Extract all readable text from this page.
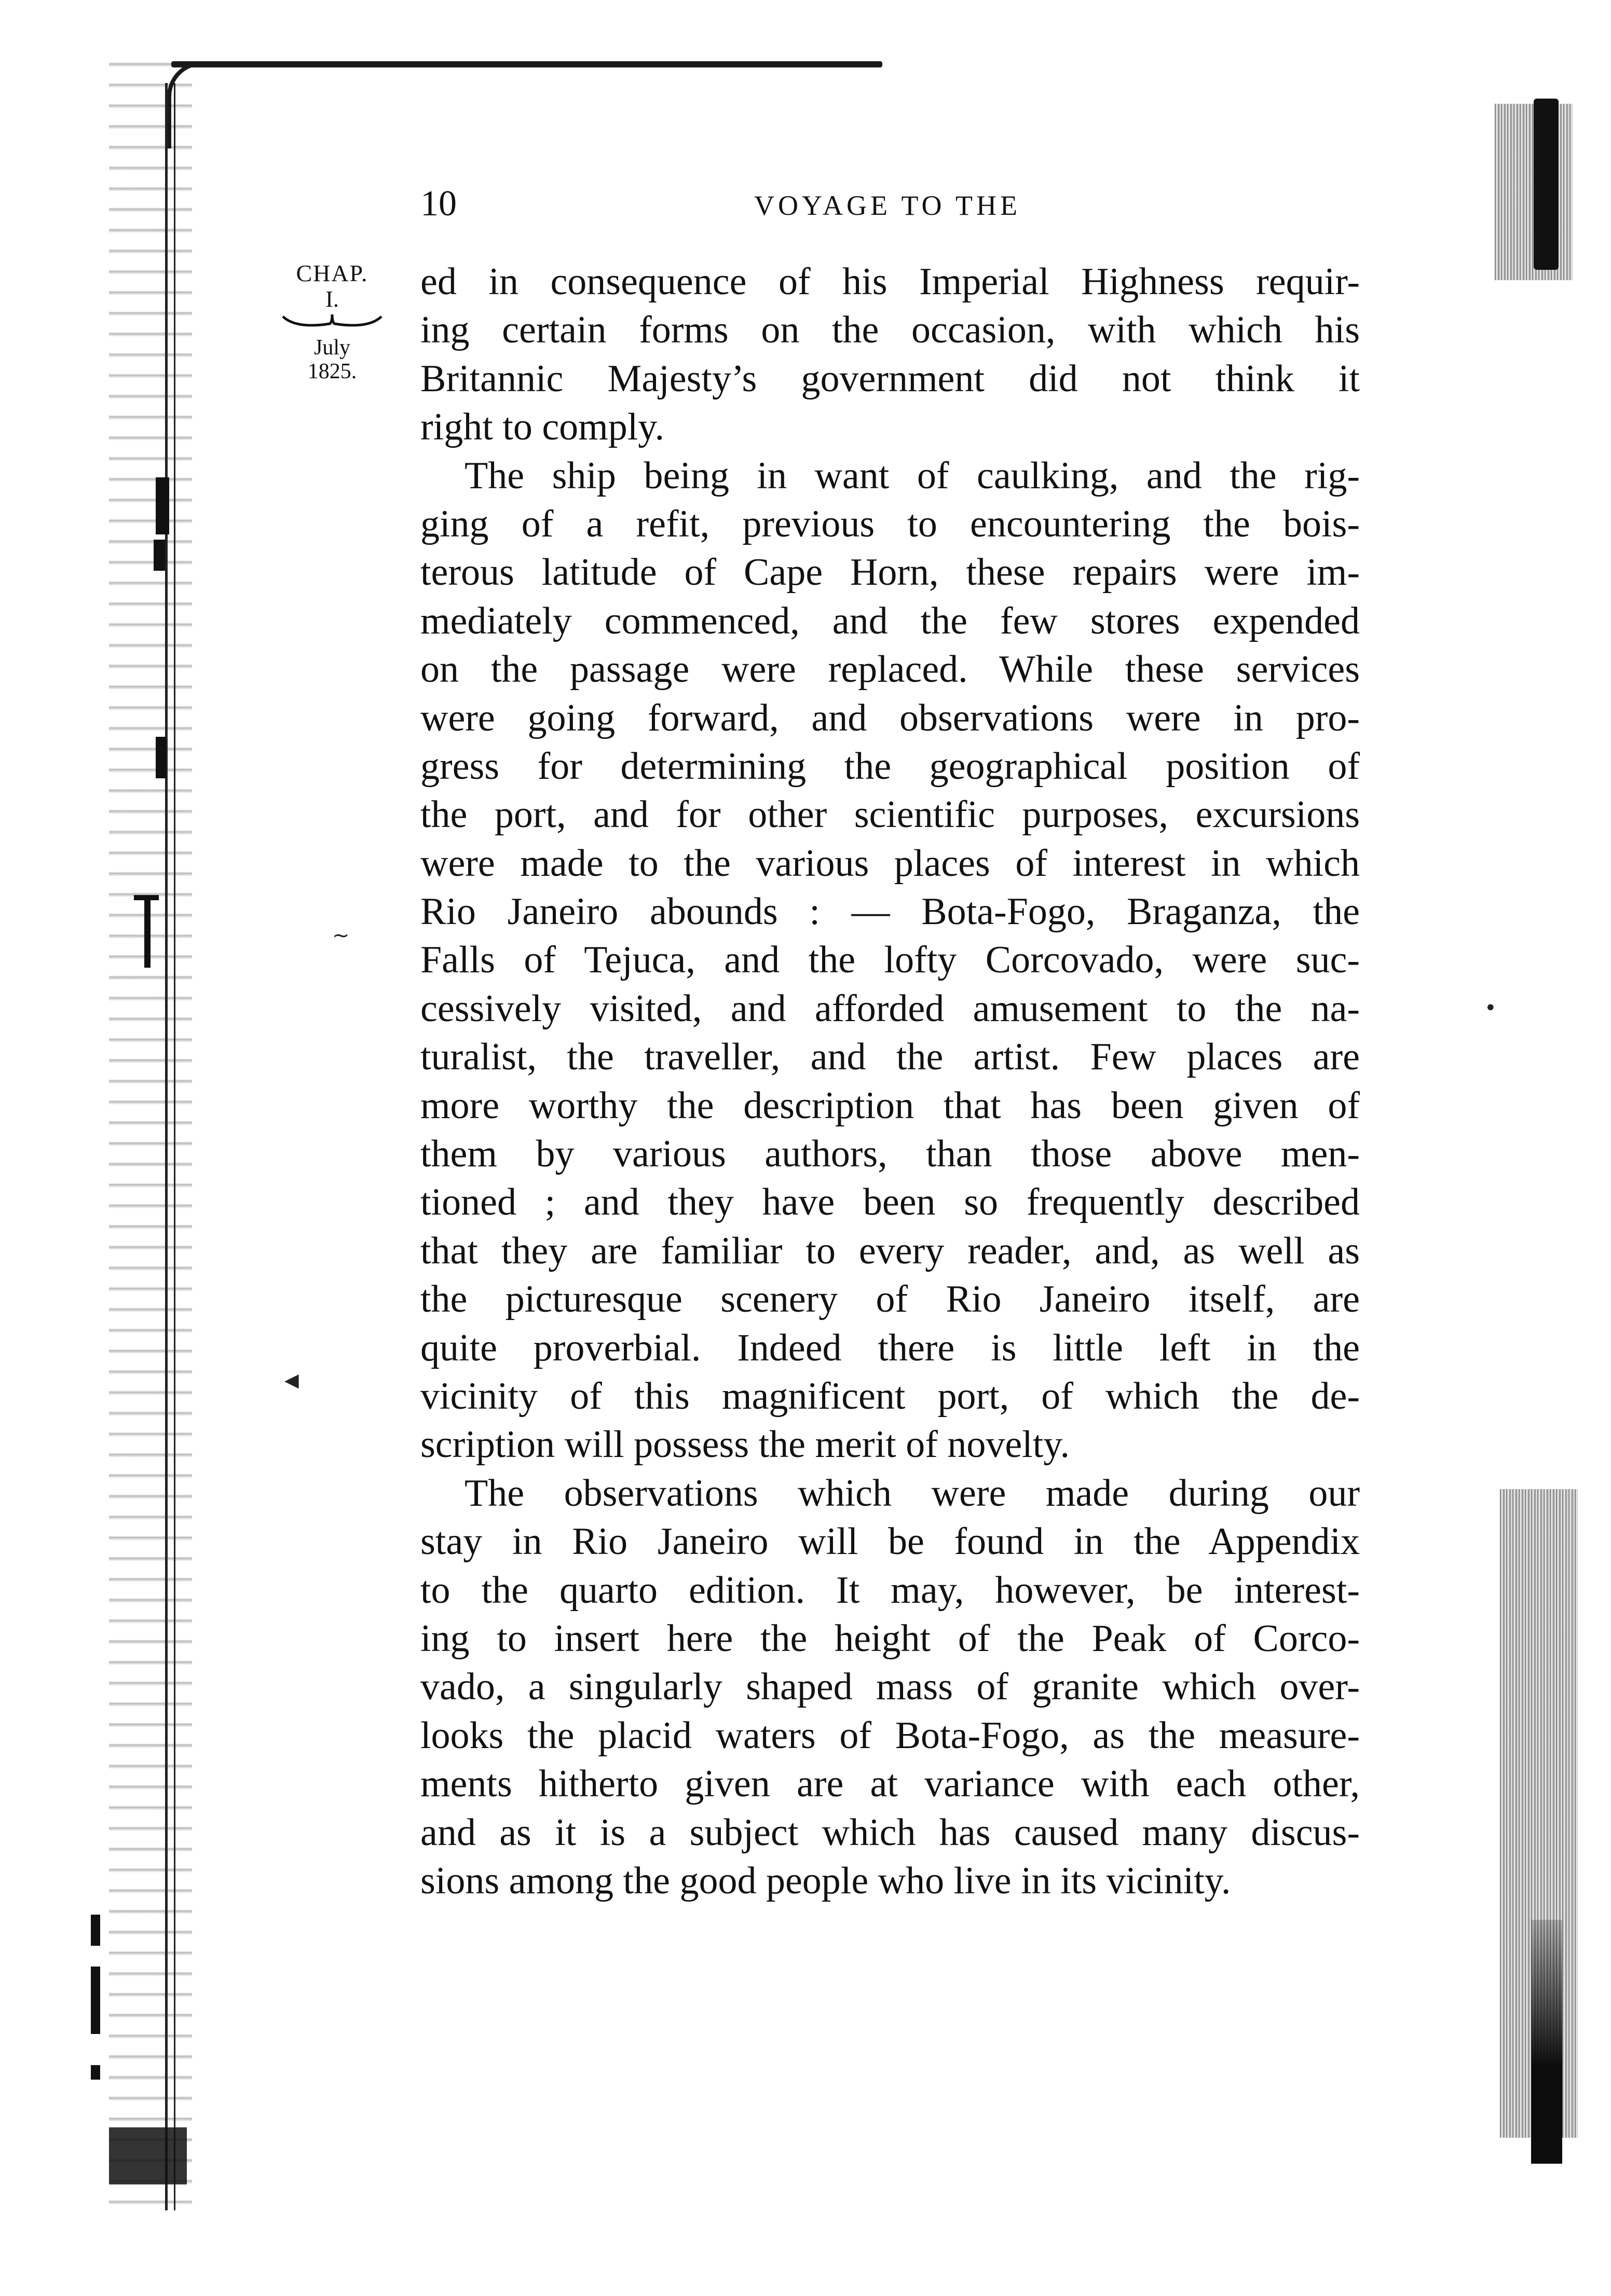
•
◀
∼
10	VOYAGE TO THE
CHAP.
I.
July
1825.
ed in consequence of his Imperial Highness requir-
ing certain forms on the occasion, with which his
Britannic Majesty’s government did not think it
right to comply.
The ship being in want of caulking, and the rig-
ging of a refit, previous to encountering the bois-
terous latitude of Cape Horn, these repairs were im-
mediately commenced, and the few stores expended
on the passage were replaced. While these services
were going forward, and observations were in pro-
gress for determining the geographical position of
the port, and for other scientific purposes, excursions
were made to the various places of interest in which
Rio Janeiro abounds : — Bota-Fogo, Braganza, the
Falls of Tejuca, and the lofty Corcovado, were suc-
cessively visited, and afforded amusement to the na-
turalist, the traveller, and the artist. Few places are
more worthy the description that has been given of
them by various authors, than those above men-
tioned ; and they have been so frequently described
that they are familiar to every reader, and, as well as
the picturesque scenery of Rio Janeiro itself, are
quite proverbial. Indeed there is little left in the
vicinity of this magnificent port, of which the de-
scription will possess the merit of novelty.
The observations which were made during our
stay in Rio Janeiro will be found in the Appendix
to the quarto edition. It may, however, be interest-
ing to insert here the height of the Peak of Corco-
vado, a singularly shaped mass of granite which over-
looks the placid waters of Bota-Fogo, as the measure-
ments hitherto given are at variance with each other,
and as it is a subject which has caused many discus-
sions among the good people who live in its vicinity.
